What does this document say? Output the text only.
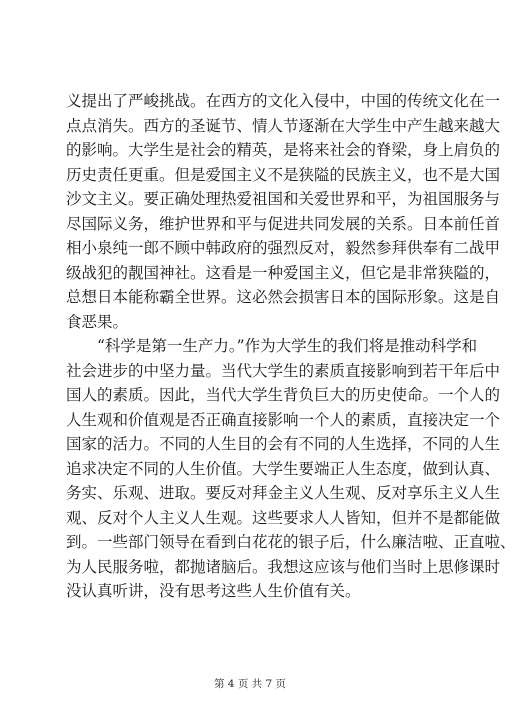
义提出了严峻挑战。在西方的文化入侵中，中国的传统文化在一
点点消失。西方的圣诞节、情人节逐渐在大学生中产生越来越大
的影响。大学生是社会的精英，是将来社会的脊梁，身上肩负的
历史责任更重。但是爱国主义不是狭隘的民族主义，也不是大国
沙文主义。要正确处理热爱祖国和关爱世界和平，为祖国服务与
尽国际义务，维护世界和平与促进共同发展的关系。日本前任首
相小泉纯一郎不顾中韩政府的强烈反对，毅然参拜供奉有二战甲
级战犯的靓国神社。这看是一种爱国主义，但它是非常狭隘的，
总想日本能称霸全世界。这必然会损害日本的国际形象。这是自
食恶果。
“科学是第一生产力。”作为大学生的我们将是推动科学和
社会进步的中坚力量。当代大学生的素质直接影响到若干年后中
国人的素质。因此，当代大学生背负巨大的历史使命。一个人的
人生观和价值观是否正确直接影响一个人的素质，直接决定一个
国家的活力。不同的人生目的会有不同的人生选择，不同的人生
追求决定不同的人生价值。大学生要端正人生态度，做到认真、
务实、乐观、进取。要反对拜金主义人生观、反对享乐主义人生
观、反对个人主义人生观。这些要求人人皆知，但并不是都能做
到。一些部门领导在看到白花花的银子后，什么廉洁啦、正直啦、
为人民服务啦，都抛诸脑后。我想这应该与他们当时上思修课时
没认真听讲，没有思考这些人生价值有关。
第 4 页 共 7 页
